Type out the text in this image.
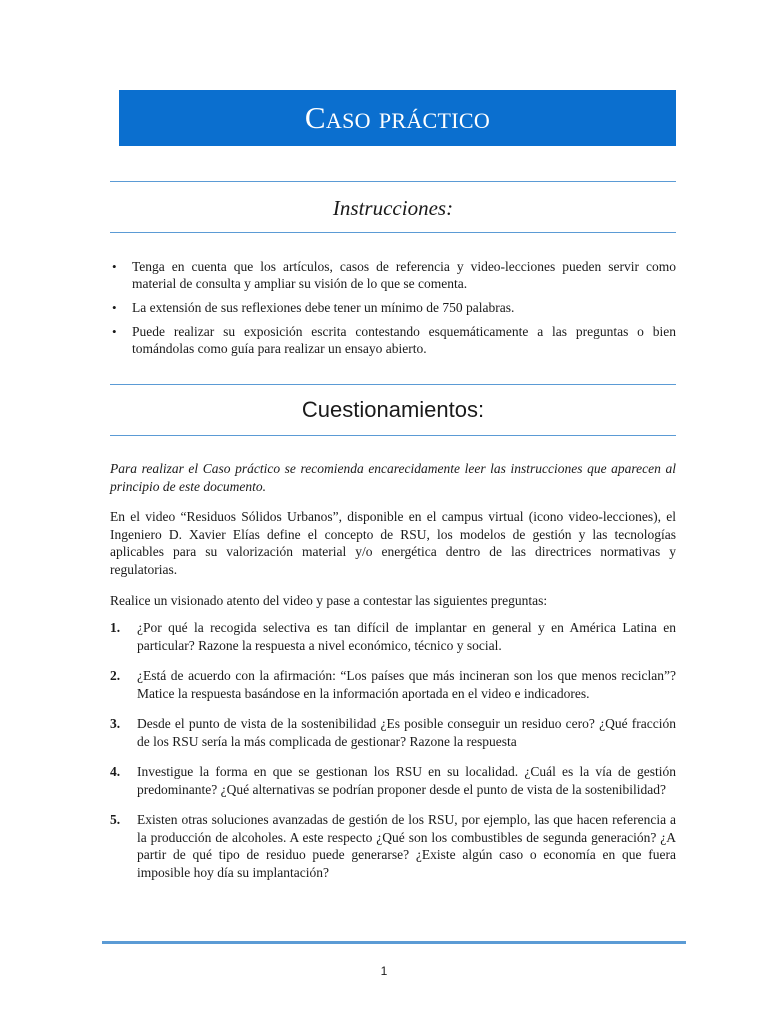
Caso práctico
Instrucciones:
• Tenga en cuenta que los artículos, casos de referencia y video-lecciones pueden servir como material de consulta y ampliar su visión de lo que se comenta.
• La extensión de sus reflexiones debe tener un mínimo de 750 palabras.
• Puede realizar su exposición escrita contestando esquemáticamente a las preguntas o bien tomándolas como guía para realizar un ensayo abierto.
Cuestionamientos:

Para realizar el Caso práctico se recomienda encarecidamente leer las instrucciones que aparecen al principio de este documento.

En el video “Residuos Sólidos Urbanos”, disponible en el campus virtual (icono video-lecciones), el Ingeniero D. Xavier Elías define el concepto de RSU, los modelos de gestión y las tecnologías aplicables para su valorización material y/o energética dentro de las directrices normativas y regulatorias.

Realice un visionado atento del video y pase a contestar las siguientes preguntas:

1. ¿Por qué la recogida selectiva es tan difícil de implantar en general y en América Latina en particular? Razone la respuesta a nivel económico, técnico y social.
2. ¿Está de acuerdo con la afirmación: “Los países que más incineran son los que menos reciclan”? Matice la respuesta basándose en la información aportada en el video e indicadores.
3. Desde el punto de vista de la sostenibilidad ¿Es posible conseguir un residuo cero? ¿Qué fracción de los RSU sería la más complicada de gestionar? Razone la respuesta
4. Investigue la forma en que se gestionan los RSU en su localidad. ¿Cuál es la vía de gestión predominante? ¿Qué alternativas se podrían proponer desde el punto de vista de la sostenibilidad?
5. Existen otras soluciones avanzadas de gestión de los RSU, por ejemplo, las que hacen referencia a la producción de alcoholes. A este respecto ¿Qué son los combustibles de segunda generación? ¿A partir de qué tipo de residuo puede generarse? ¿Existe algún caso o economía en que fuera imposible hoy día su implantación?
1
